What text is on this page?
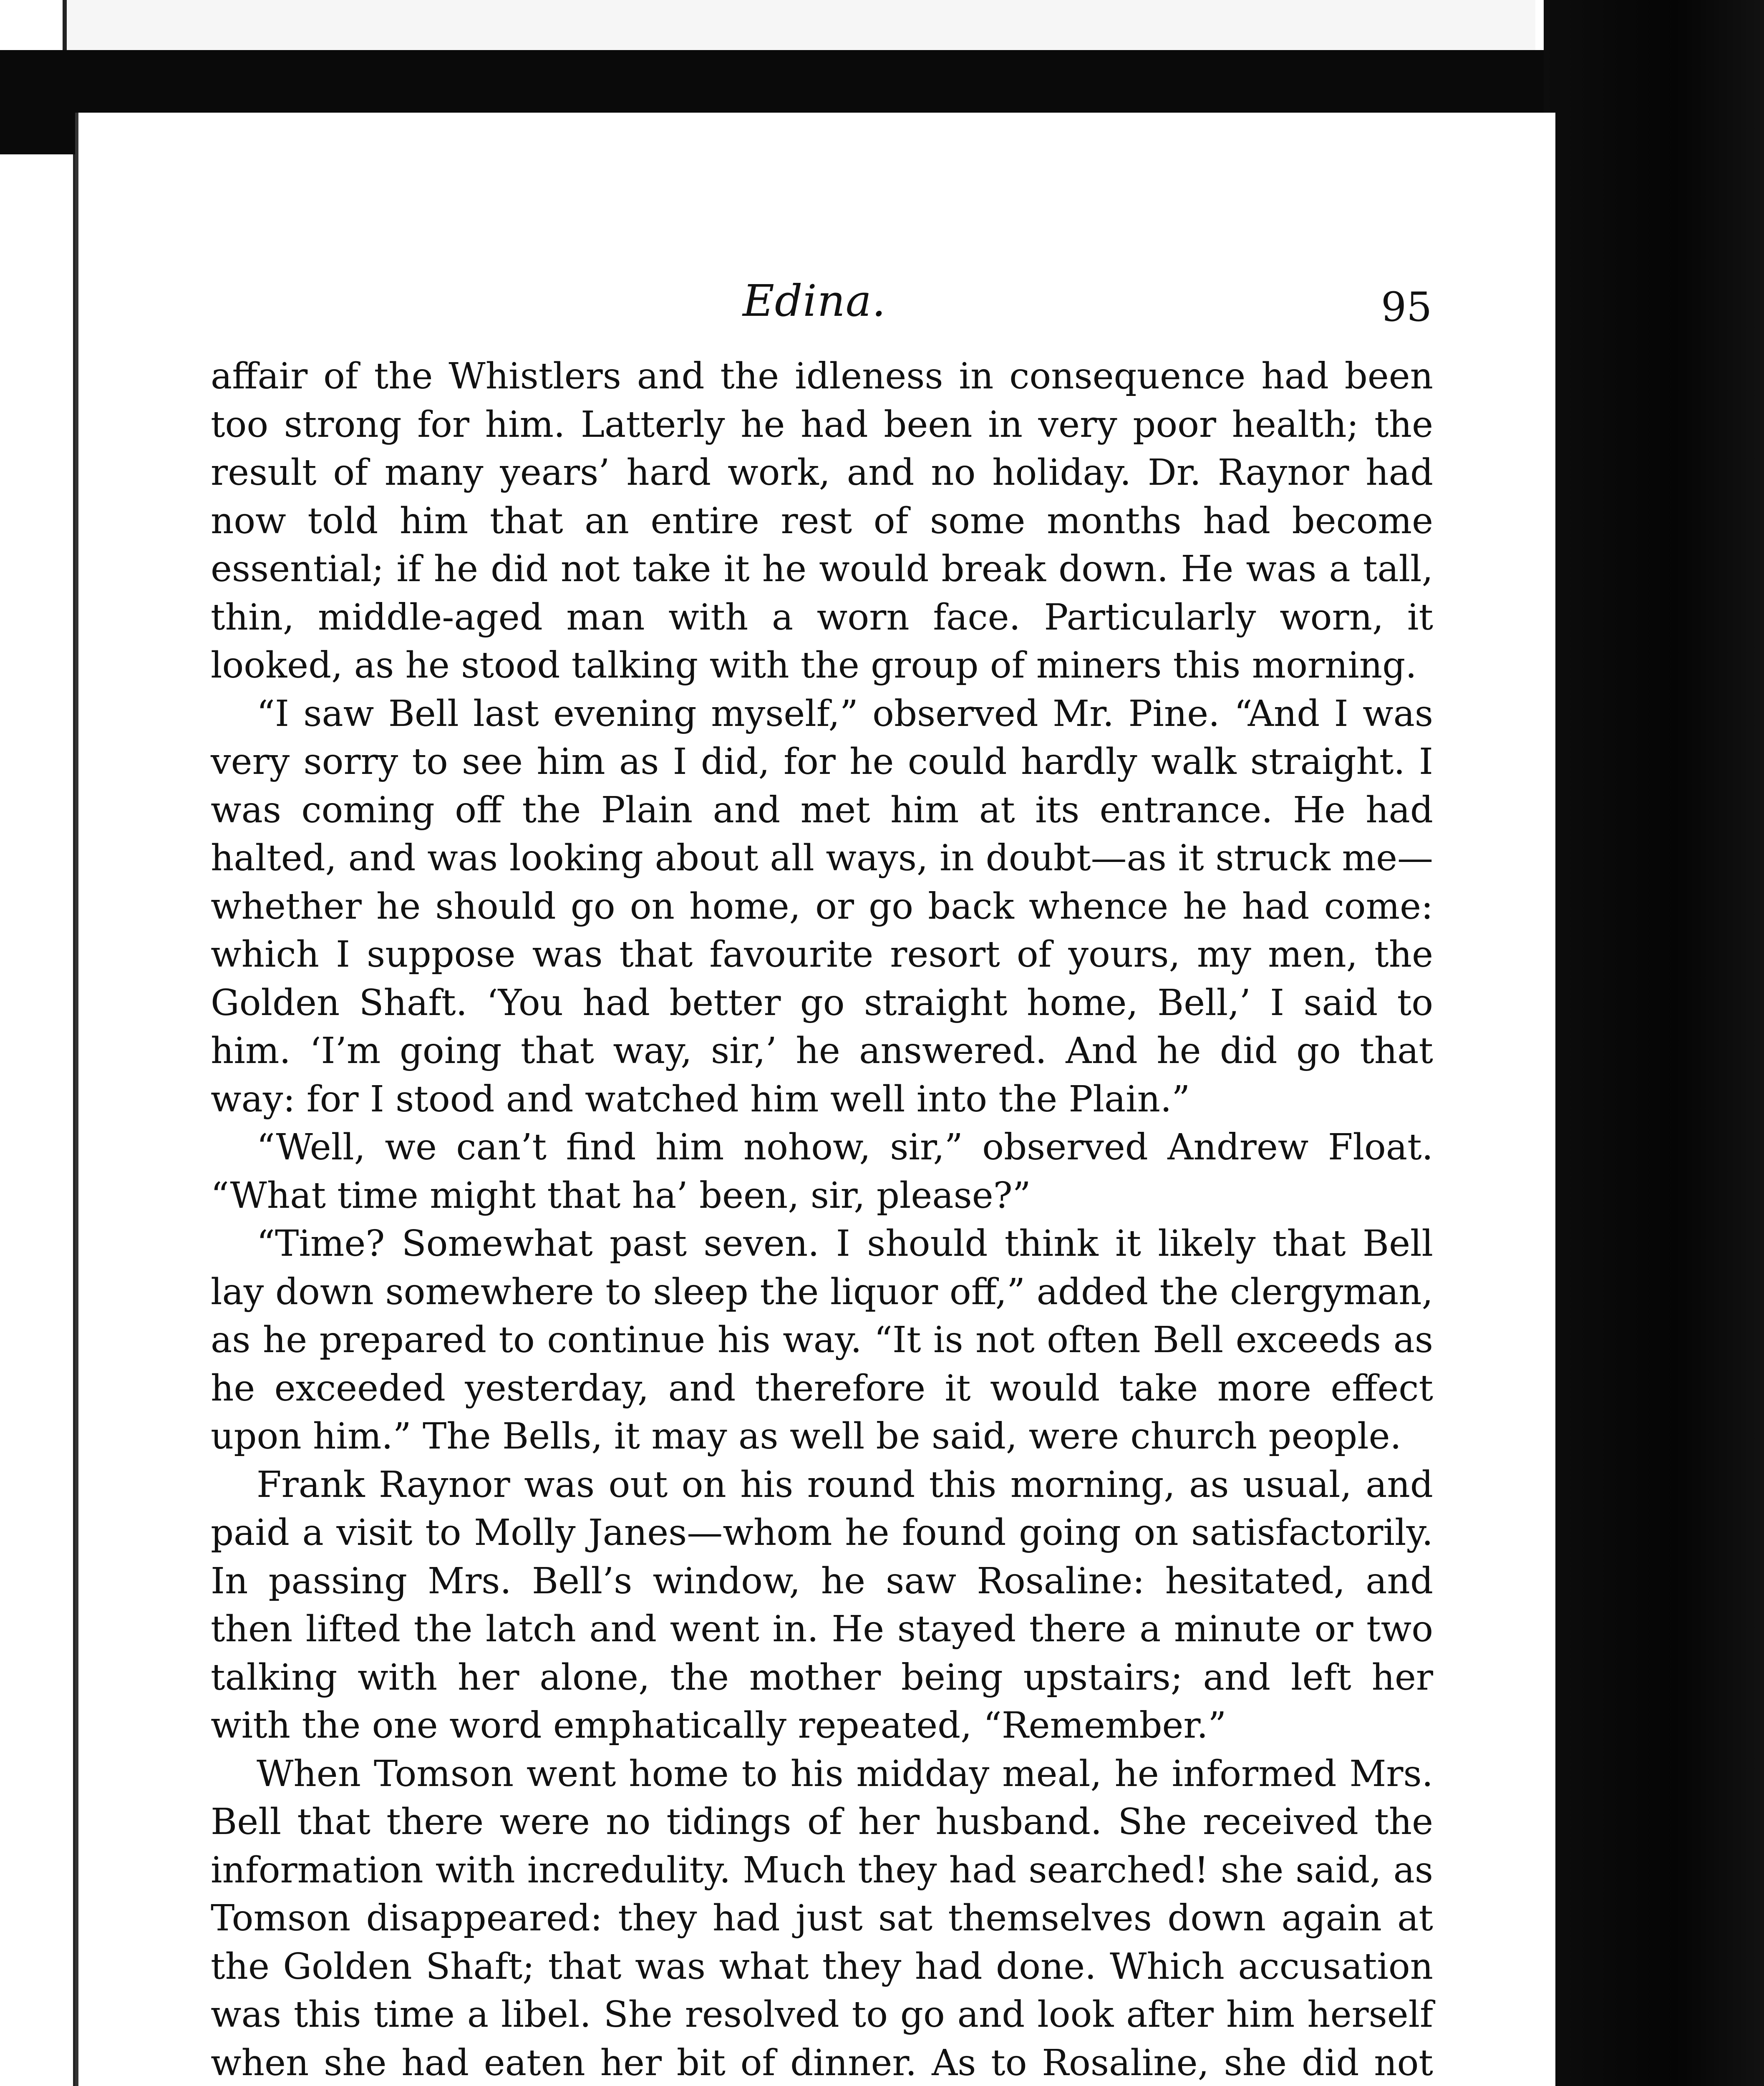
Edina.	95

affair of the Whistlers and the idleness in consequence had been too strong for him. Latterly he had been in very poor health; the result of many years’ hard work, and no holiday. Dr. Raynor had now told him that an entire rest of some months had become essential; if he did not take it he would break down. He was a tall, thin, middle-aged man with a worn face. Particularly worn, it looked, as he stood talking with the group of miners this morning.

“I saw Bell last evening myself,” observed Mr. Pine. “And I was very sorry to see him as I did, for he could hardly walk straight. I was coming off the Plain and met him at its entrance. He had halted, and was looking about all ways, in doubt—as it struck me—whether he should go on home, or go back whence he had come: which I suppose was that favourite resort of yours, my men, the Golden Shaft. ‘You had better go straight home, Bell,’ I said to him. ‘I’m going that way, sir,’ he answered. And he did go that way: for I stood and watched him well into the Plain.”

“Well, we can’t find him nohow, sir,” observed Andrew Float. “What time might that ha’ been, sir, please?”

“Time? Somewhat past seven. I should think it likely that Bell lay down somewhere to sleep the liquor off,” added the clergyman, as he prepared to continue his way. “It is not often Bell exceeds as he exceeded yesterday, and therefore it would take more effect upon him.” The Bells, it may as well be said, were church people.

Frank Raynor was out on his round this morning, as usual, and paid a visit to Molly Janes—whom he found going on satisfactorily. In passing Mrs. Bell’s window, he saw Rosaline: hesitated, and then lifted the latch and went in. He stayed there a minute or two talking with her alone, the mother being upstairs; and left her with the one word emphatically repeated, “Remember.”

When Tomson went home to his midday meal, he informed Mrs. Bell that there were no tidings of her husband. She received the information with incredulity. Much they had searched! she said, as Tomson disappeared: they had just sat themselves down again at the Golden Shaft; that was what they had done. Which accusation was this time a libel. She resolved to go and look after him herself when she had eaten her bit of dinner. As to Rosaline, she did not
